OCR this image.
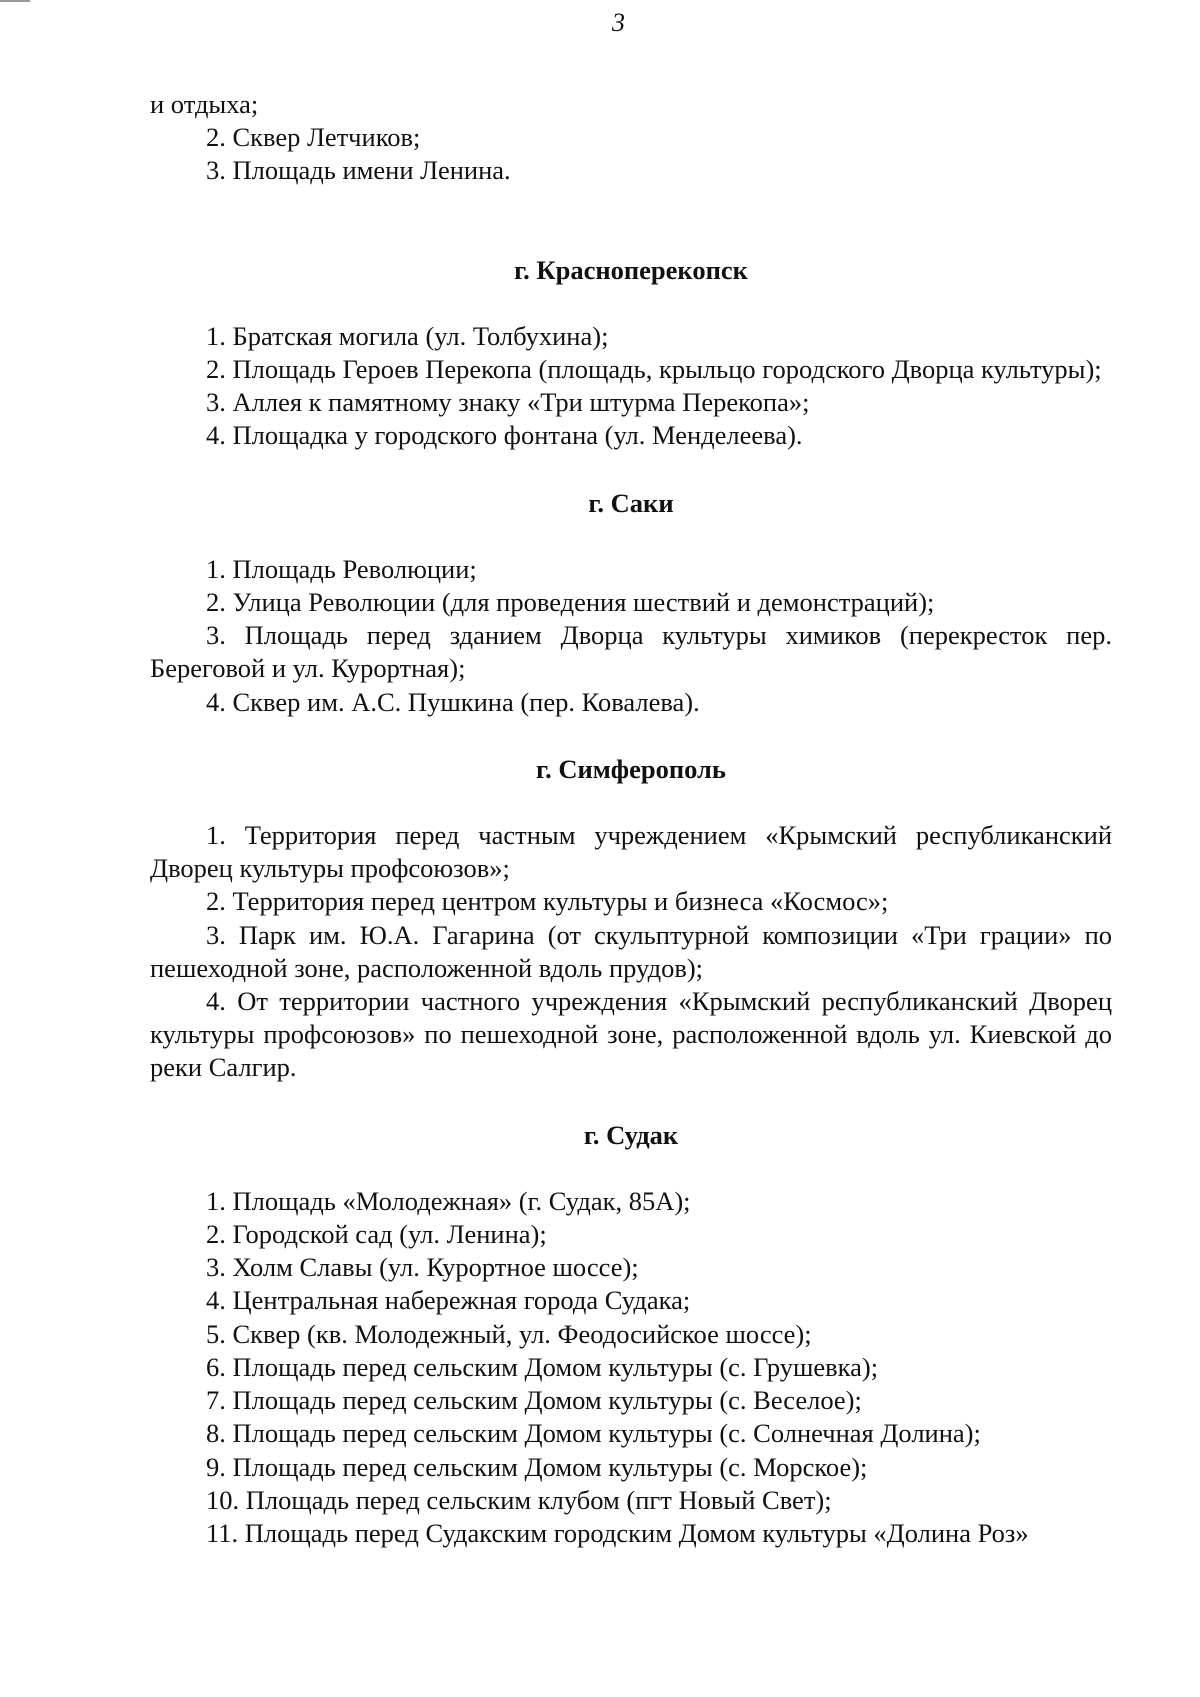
3

и отдыха;

2. Сквер Летчиков;

3. Площадь имени Ленина.

г. Красноперекопск

1. Братская могила (ул. Толбухина);

2. Площадь Героев Перекопа (площадь, крыльцо городского Дворца культуры);

3. Аллея к памятному знаку «Три штурма Перекопа»;

4. Площадка у городского фонтана (ул. Менделеева).

г. Саки

1. Площадь Революции;

2. Улица Революции (для проведения шествий и демонстраций);

3. Площадь перед зданием Дворца культуры химиков (перекресток пер. Береговой и ул. Курортная);

4. Сквер им. А.С. Пушкина (пер. Ковалева).

г. Симферополь

1. Территория перед частным учреждением «Крымский республиканский Дворец культуры профсоюзов»;

2. Территория перед центром культуры и бизнеса «Космос»;

3. Парк им. Ю.А. Гагарина (от скульптурной композиции «Три грации» по пешеходной зоне, расположенной вдоль прудов);

4. От территории частного учреждения «Крымский республиканский Дворец культуры профсоюзов» по пешеходной зоне, расположенной вдоль ул. Киевской до реки Салгир.

г. Судак

1. Площадь «Молодежная» (г. Судак, 85А);

2. Городской сад (ул. Ленина);

3. Холм Славы (ул. Курортное шоссе);

4. Центральная набережная города Судака;

5. Сквер (кв. Молодежный, ул. Феодосийское шоссе);

6. Площадь перед сельским Домом культуры (с. Грушевка);

7. Площадь перед сельским Домом культуры (с. Веселое);

8. Площадь перед сельским Домом культуры (с. Солнечная Долина);

9. Площадь перед сельским Домом культуры (с. Морское);

10. Площадь перед сельским клубом (пгт Новый Свет);

11. Площадь перед Судакским городским Домом культуры «Долина Роз»
